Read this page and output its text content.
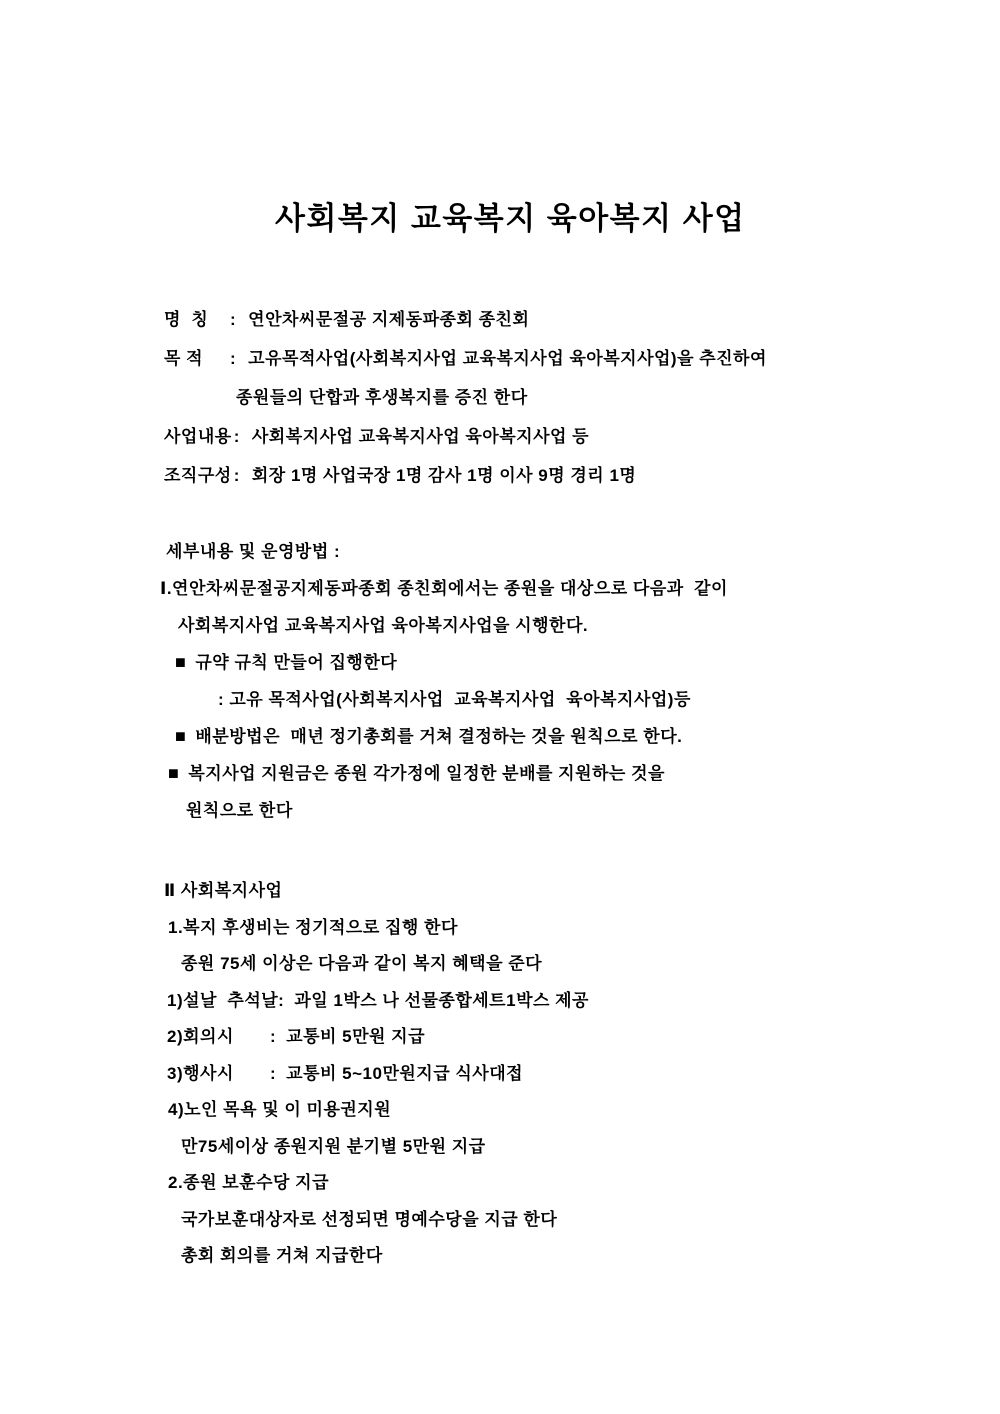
사회복지 교육복지 육아복지 사업
명  칭	: 연안차씨문절공 지제동파종회 종친회
목 적	: 고유목적사업(사회복지사업 교육복지사업 육아복지사업)을 추진하여
종원들의 단합과 후생복지를 증진 한다
사업내용 : 사회복지사업 교육복지사업 육아복지사업 등
조직구성 : 회장 1명 사업국장 1명 감사 1명 이사 9명 경리 1명
세부내용 및 운영방법 :
Ⅰ.연안차씨문절공지제동파종회 종친회에서는 종원을 대상으로 다음과  같이
사회복지사업 교육복지사업 육아복지사업을 시행한다.
■ 규약 규칙 만들어 집행한다
: 고유 목적사업(사회복지사업  교육복지사업  육아복지사업)등
■ 배분방법은  매년 정기총회를 거쳐 결정하는 것을 원칙으로 한다.
■ 복지사업 지원금은 종원 각가정에 일정한 분배를 지원하는 것을
원칙으로 한다
Ⅱ 사회복지사업
1.복지 후생비는 정기적으로 집행 한다
종원 75세 이상은 다음과 같이 복지 혜택을 준다
1)설날  추석날 : 과일 1박스 나 선물종합세트1박스 제공
2)회의시	: 교통비 5만원 지급
3)행사시	: 교통비 5~10만원지급 식사대접
4)노인 목욕 및 이 미용권지원
만75세이상 종원지원 분기별 5만원 지급
2.종원 보훈수당 지급
국가보훈대상자로 선정되면 명예수당을 지급 한다
총회 회의를 거쳐 지급한다
